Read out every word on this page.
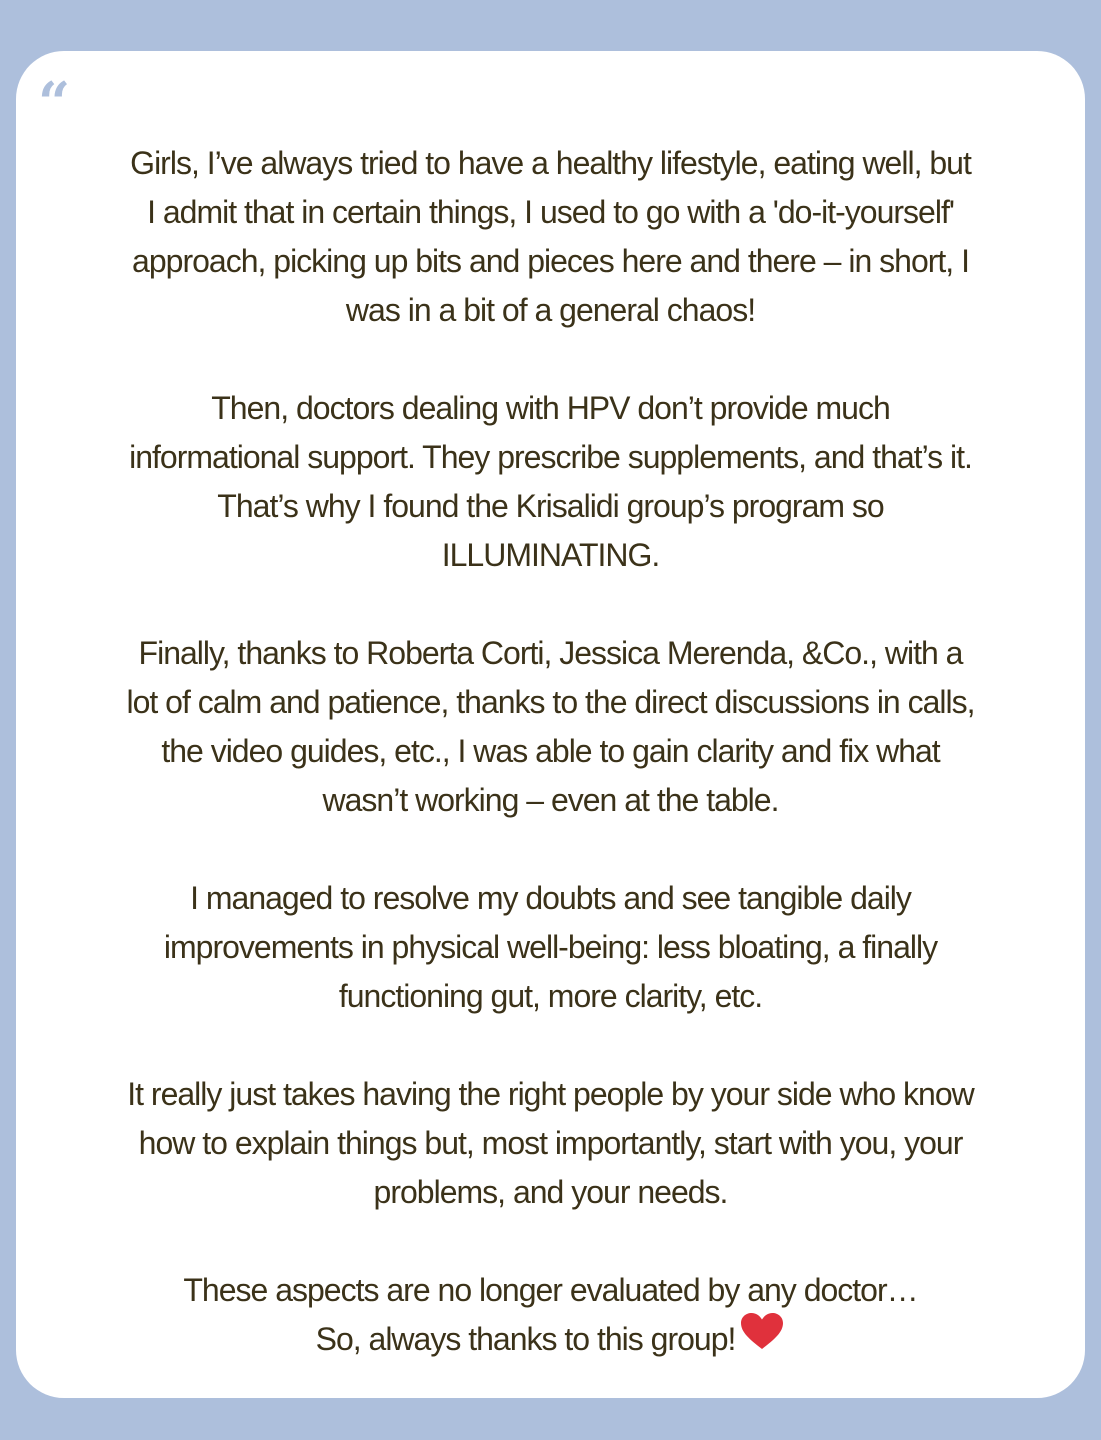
“

Girls, I’ve always tried to have a healthy lifestyle, eating well, but
I admit that in certain things, I used to go with a 'do-it-yourself'
approach, picking up bits and pieces here and there – in short, I
was in a bit of a general chaos!

Then, doctors dealing with HPV don’t provide much
informational support. They prescribe supplements, and that’s it.
That’s why I found the Krisalidi group’s program so
ILLUMINATING.

Finally, thanks to Roberta Corti, Jessica Merenda, &Co., with a
lot of calm and patience, thanks to the direct discussions in calls,
the video guides, etc., I was able to gain clarity and fix what
wasn’t working – even at the table.

I managed to resolve my doubts and see tangible daily
improvements in physical well-being: less bloating, a finally
functioning gut, more clarity, etc.

It really just takes having the right people by your side who know
how to explain things but, most importantly, start with you, your
problems, and your needs.

These aspects are no longer evaluated by any doctor…
So, always thanks to this group!
